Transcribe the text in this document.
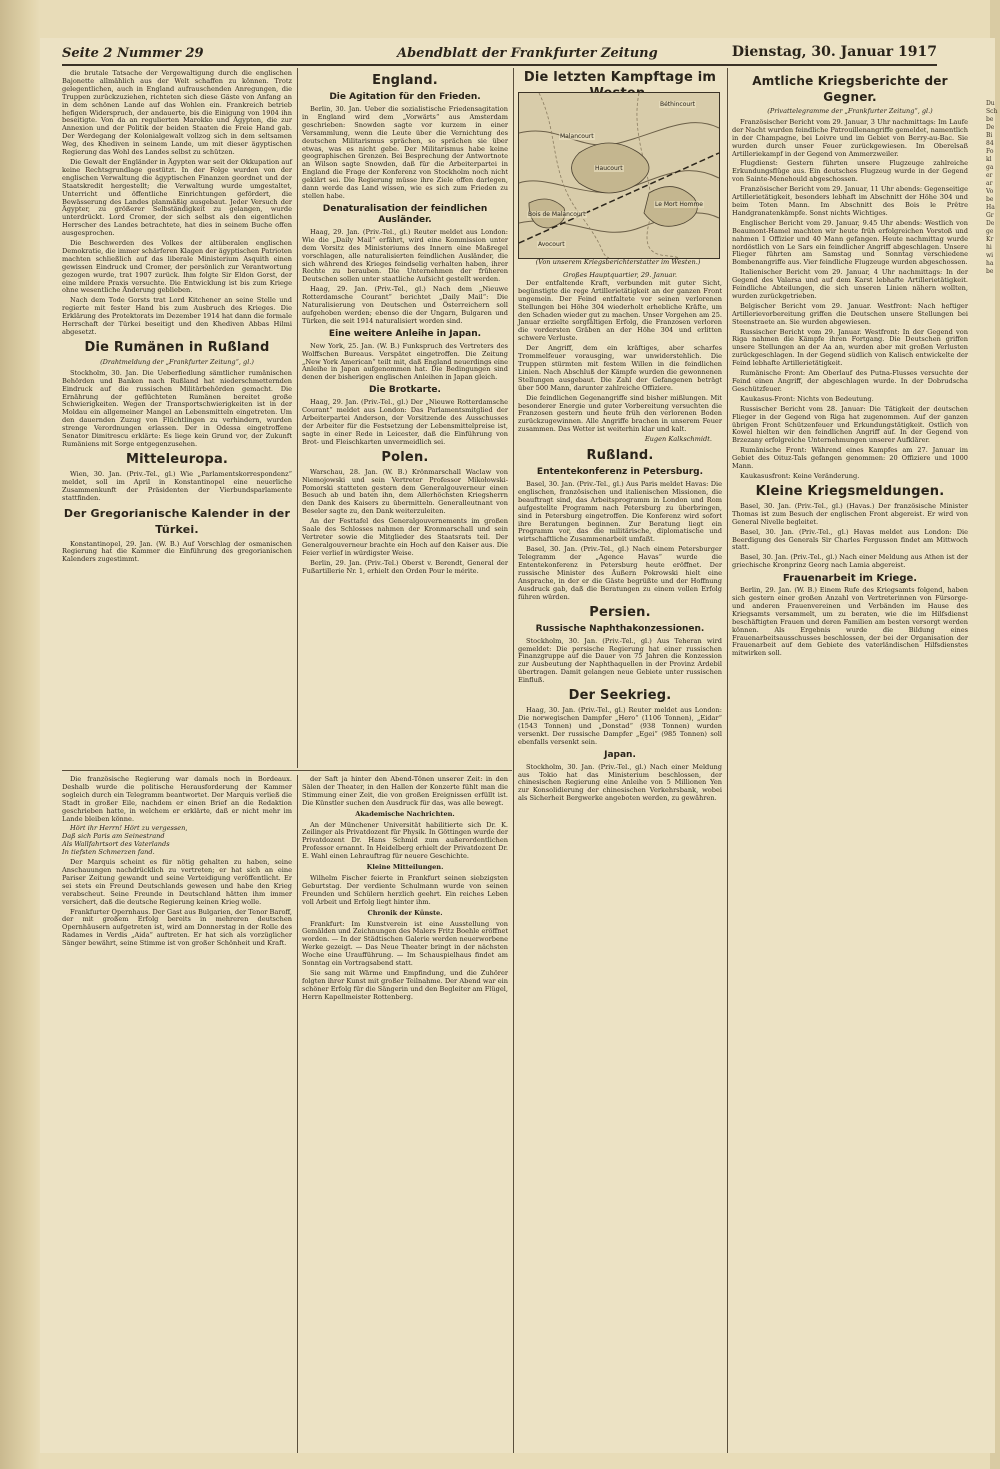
Seite 2 Nummer 29	Abendblatt der Frankfurter Zeitung	Dienstag, 30. Januar 1917

die brutale Tatsache der Vergewaltigung durch die englischen Bajonette allmählich aus der Welt schaffen zu können. Trotz gelegentlichen, auch in England aufrauschenden Anregungen, die Truppen zurückzuziehen, richteten sich diese Gäste von Anfang an in dem schönen Lande auf das Wohlen ein. Frankreich betrieb hefigen Widerspruch, der andauerte, bis die Einigung von 1904 ihn beseitigte. Von da an regulierten Marokko und Ägypten, die zur Annexion und der Politik der beiden Staaten die Freie Hand gab. Der Werdegang der Kolonialgewalt vollzog sich in dem seltsamen Weg, des Khediven in seinem Lande, um mit dieser ägyptischen Regierung das Wohl des Landes selbst zu schützen.

Die Gewalt der Engländer in Ägypten war seit der Okkupation auf keine Rechtsgrundlage gestützt. In der Folge wurden von der englischen Verwaltung die ägyptischen Finanzen geordnet und der Staatskredit hergestellt; die Verwaltung wurde umgestaltet, Unterricht und öffentliche Einrichtungen gefördert, die Bewässerung des Landes planmäßig ausgebaut. Jeder Versuch der Ägypter, zu größerer Selbständigkeit zu gelangen, wurde unterdrückt. Lord Cromer, der sich selbst als den eigentlichen Herrscher des Landes betrachtete, hat dies in seinem Buche offen ausgesprochen.

Die Beschwerden des Volkes der altüberalen englischen Demokratie, die immer schärferen Klagen der ägyptischen Patrioten machten schließlich auf das liberale Ministerium Asquith einen gewissen Eindruck und Cromer, der persönlich zur Verantwortung gezogen wurde, trat 1907 zurück. Ihm folgte Sir Eldon Gorst, der eine mildere Praxis versuchte. Die Entwicklung ist bis zum Kriege ohne wesentliche Änderung geblieben.

Nach dem Tode Gorsts trat Lord Kitchener an seine Stelle und regierte mit fester Hand bis zum Ausbruch des Krieges. Die Erklärung des Protektorats im Dezember 1914 hat dann die formale Herrschaft der Türkei beseitigt und den Khediven Abbas Hilmi abgesetzt.

Die Rumänen in Rußland
(Drahtmeldung der „Frankfurter Zeitung“, gl.)

Stockholm, 30. Jan. Die Ueberfiedlung sämtlicher rumänischen Behörden und Banken nach Rußland hat niederschmetternden Eindruck auf die russischen Militärbehörden gemacht. Die Ernährung der geflüchteten Rumänen bereitet große Schwierigkeiten. Wegen der Transportschwierigkeiten ist in der Moldau ein allgemeiner Mangel an Lebensmitteln eingetreten. Um den dauernden Zuzug von Flüchtlingen zu verhindern, wurden strenge Verordnungen erlassen. Der in Odessa eingetroffene Senator Dimitrescu erklärte: Es liege kein Grund vor, der Zukunft Rumäniens mit Sorge entgegenzusehen.

Mitteleuropa.

Wien, 30. Jan. (Priv.-Tel., gl.) Wie „Parlamentskorrespondenz“ meldet, soll im April in Konstantinopel eine neuerliche Zusammenkunft der Präsidenten der Vierbundsparlamente stattfinden.

Der Gregorianische Kalender in der Türkei.

Konstantinopel, 29. Jan. (W. B.) Auf Vorschlag der osmanischen Regierung hat die Kammer die Einführung des gregorianischen Kalenders zugestimmt.

England.
Die Agitation für den Frieden.

Berlin, 30. Jan. Ueber die sozialistische Friedensagitation in England wird dem „Vorwärts“ aus Amsterdam geschrieben: Snowden sagte vor kurzem in einer Versammlung, wenn die Leute über die Vernichtung des deutschen Militarismus sprächen, so sprächen sie über etwas, was es nicht gebe. Der Militarismus habe keine geographischen Grenzen. Bei Besprechung der Antwortnote an Wilson sagte Snowden, daß für die Arbeiterpartei in England die Frage der Konferenz von Stockholm noch nicht geklärt sei. Die Regierung müsse ihre Ziele offen darlegen, dann werde das Land wissen, wie es sich zum Frieden zu stellen habe.

Denaturalisation der feindlichen Ausländer.

Haag, 29. Jan. (Priv.-Tel., gl.) Reuter meldet aus London: Wie die „Daily Mail“ erfährt, wird eine Kommission unter dem Vorsitz des Ministeriums des Innern eine Maßregel vorschlagen, alle naturalisierten feindlichen Ausländer, die sich während des Krieges feindselig verhalten haben, ihrer Rechte zu berauben. Die Unternehmen der früheren Deutschen sollen unter staatliche Aufsicht gestellt werden.

Haag, 29. Jan. (Priv.-Tel., gl.) Nach dem „Nieuwe Rotterdamsche Courant“ berichtet „Daily Mail“: Die Naturalisierung von Deutschen und Österreichern soll aufgehoben werden; ebenso die der Ungarn, Bulgaren und Türken, die seit 1914 naturalisiert worden sind.

Eine weitere Anleihe in Japan.

New York, 25. Jan. (W. B.) Funkspruch des Vertreters des Wolffschen Bureaus. Verspätet eingetroffen. Die Zeitung „New York American“ teilt mit, daß England neuerdings eine Anleihe in Japan aufgenommen hat. Die Bedingungen sind denen der bisherigen englischen Anleihen in Japan gleich.

Die Brotkarte.

Haag, 29. Jan. (Priv.-Tel., gl.) Der „Nieuwe Rotterdamsche Courant“ meldet aus London: Das Parlamentsmitglied der Arbeiterpartei Anderson, der Vorsitzende des Ausschusses der Arbeiter für die Festsetzung der Lebensmittelpreise ist, sagte in einer Rede in Leicester, daß die Einführung von Brot- und Fleischkarten unvermeidlich sei.

Polen.

Warschau, 28. Jan. (W. B.) Krönmarschall Waclaw von Niemojowski und sein Vertreter Professor Mikołowski-Pomorski statteten gestern dem Generalgouverneur einen Besuch ab und baten ihn, dem Allerhöchsten Kriegsherrn den Dank des Kaisers zu übermitteln. Generalleutnant von Beseler sagte zu, den Dank weiterzuleiten.

An der Festtafel des Generalgouvernements im großen Saale des Schlosses nahmen der Kronmarschall und sein Vertreter sowie die Mitglieder des Staatsrats teil. Der Generalgouverneur brachte ein Hoch auf den Kaiser aus. Die Feier verlief in würdigster Weise.

Berlin, 29. Jan. (Priv.-Tel.) Oberst v. Berendt, General der Fußartillerie Nr. 1, erhielt den Orden Pour le mérite.

Die letzten Kampftage im
Béthincourt
Malancourt
Haucourt
Le Mort Homme
Avocourt
Bois de Malancourt
(Von unserem Kriegsberichterstatter im Westen.)
Großes Hauptquartier, 29. Januar.

Der entfaltende Kraft, verbunden mit guter Sicht, begünstigte die rege Artillerietätigkeit an der ganzen Front ungemein. Der Feind entfaltete vor seinen verlorenen Stellungen bei Höhe 304 wiederholt erhebliche Kräfte, um den Schaden wieder gut zu machen. Unser Vorgehen am 25. Januar erzielte sorgfältigen Erfolg, die Franzosen verloren die vordersten Gräben an der Höhe 304 und erlitten schwere Verluste.

Der Angriff, dem ein kräftiges, aber scharfes Trommelfeuer vorausging, war unwiderstehlich. Die Truppen stürmten mit festem Willen in die feindlichen Linien. Nach Abschluß der Kämpfe wurden die gewonnenen Stellungen ausgebaut. Die Zahl der Gefangenen beträgt über 500 Mann, darunter zahlreiche Offiziere.

Die feindlichen Gegenangriffe sind bisher mißlungen. Mit besonderer Energie und guter Vorbereitung versuchten die Franzosen gestern und heute früh den verlorenen Boden zurückzugewinnen. Alle Angriffe brachen in unserem Feuer zusammen. Das Wetter ist weiterhin klar und kalt.

Eugen Kalkschmidt.
Rußland.
Ententekonferenz in Petersburg.

Basel, 30. Jan. (Priv.-Tel., gl.) Aus Paris meldet Havas: Die englischen, französischen und italienischen Missionen, die beauftragt sind, das Arbeitsprogramm in London und Rom aufgestellte Programm nach Petersburg zu überbringen, sind in Petersburg eingetroffen. Die Konferenz wird sofort ihre Beratungen beginnen. Zur Beratung liegt ein Programm vor, das die militärische, diplomatische und wirtschaftliche Zusammenarbeit umfaßt.

Basel, 30. Jan. (Priv.-Tel., gl.) Nach einem Petersburger Telegramm der „Agence Havas“ wurde die Ententekonferenz in Petersburg heute eröffnet. Der russische Minister des Äußern Pokrowski hielt eine Ansprache, in der er die Gäste begrüßte und der Hoffnung Ausdruck gab, daß die Beratungen zu einem vollen Erfolg führen würden.

Persien.
Russische Naphthakonzessionen.

Stockholm, 30. Jan. (Priv.-Tel., gl.) Aus Teheran wird gemeldet: Die persische Regierung hat einer russischen Finanzgruppe auf die Dauer von 75 Jahren die Konzession zur Ausbeutung der Naphthaquellen in der Provinz Ardebil übertragen. Damit gelangen neue Gebiete unter russischen Einfluß.

Der Seekrieg.

Haag, 30. Jan. (Priv.-Tel., gl.) Reuter meldet aus London: Die norwegischen Dampfer „Hero“ (1106 Tonnen), „Eidar“ (1543 Tonnen) und „Donstad“ (938 Tonnen) wurden versenkt. Der russische Dampfer „Egei“ (985 Tonnen) soll ebenfalls versenkt sein.

Japan.

Stockholm, 30. Jan. (Priv.-Tel., gl.) Nach einer Meldung aus Tokio hat das Ministerium beschlossen, der chinesischen Regierung eine Anleihe von 5 Millionen Yen zur Konsolidierung der chinesischen Verkehrsbank, wobei als Sicherheit Bergwerke angeboten werden, zu gewähren.

Amtliche Kriegsberichte der Gegner.
(Privattelegramme der „Frankfurter Zeitung“, gl.)

Französischer Bericht vom 29. Januar, 3 Uhr nachmittags: Im Laufe der Nacht wurden feindliche Patrouillenangriffe gemeldet, namentlich in der Champagne, bei Loivre und im Gebiet von Berry-au-Bac. Sie wurden durch unser Feuer zurückgewiesen. Im Oberelsaß Artilleriekampf in der Gegend von Ammerzweiler.

Flugdienst: Gestern führten unsere Flugzeuge zahlreiche Erkundungsflüge aus. Ein deutsches Flugzeug wurde in der Gegend von Sainte-Menehould abgeschossen.

Französischer Bericht vom 29. Januar, 11 Uhr abends: Gegenseitige Artillerietätigkeit, besonders lebhaft im Abschnitt der Höhe 304 und beim Toten Mann. Im Abschnitt des Bois le Prêtre Handgranatenkämpfe. Sonst nichts Wichtiges.

Englischer Bericht vom 29. Januar, 9.45 Uhr abends: Westlich von Beaumont-Hamel machten wir heute früh erfolgreichen Vorstoß und nahmen 1 Offizier und 40 Mann gefangen. Heute nachmittag wurde nordöstlich von Le Sars ein feindlicher Angriff abgeschlagen. Unsere Flieger führten am Samstag und Sonntag verschiedene Bombenangriffe aus. Vier feindliche Flugzeuge wurden abgeschossen.

Italienischer Bericht vom 29. Januar, 4 Uhr nachmittags: In der Gegend des Valarsa und auf dem Karst lebhafte Artillerietätigkeit. Feindliche Abteilungen, die sich unseren Linien nähern wollten, wurden zurückgetrieben.

Belgischer Bericht vom 29. Januar. Westfront: Nach heftiger Artillerievorbereitung griffen die Deutschen unsere Stellungen bei Steenstraete an. Sie wurden abgewiesen.

Russischer Bericht vom 29. Januar. Westfront: In der Gegend von Riga nahmen die Kämpfe ihren Fortgang. Die Deutschen griffen unsere Stellungen an der Aa an, wurden aber mit großen Verlusten zurückgeschlagen. In der Gegend südlich von Kalisch entwickelte der Feind lebhafte Artillerietätigkeit.

Rumänische Front: Am Oberlauf des Putna-Flusses versuchte der Feind einen Angriff, der abgeschlagen wurde. In der Dobrudscha Geschützfeuer.

Kaukasus-Front: Nichts von Bedeutung.

Russischer Bericht vom 28. Januar: Die Tätigkeit der deutschen Flieger in der Gegend von Riga hat zugenommen. Auf der ganzen übrigen Front Schützenfeuer und Erkundungstätigkeit. Ostlich von Kowel hielten wir den feindlichen Angriff auf. In der Gegend von Brzezany erfolgreiche Unternehmungen unserer Aufklärer.

Rumänische Front: Während eines Kampfes am 27. Januar im Gebiet des Oituz-Tals gefangen genommen: 20 Offiziere und 1000 Mann.

Kaukasusfront: Keine Veränderung.

Kleine Kriegsmeldungen.

Basel, 30. Jan. (Priv.-Tel., gl.) (Havas.) Der französische Minister Thomas ist zum Besuch der englischen Front abgereist. Er wird von General Nivelle begleitet.

Basel, 30. Jan. (Priv.-Tel., gl.) Havas meldet aus London: Die Beerdigung des Generals Sir Charles Fergusson findet am Mittwoch statt.

Basel, 30. Jan. (Priv.-Tel., gl.) Nach einer Meldung aus Athen ist der griechische Kronprinz Georg nach Lamia abgereist.

Frauenarbeit im Kriege.

Berlin, 29. Jan. (W. B.) Einem Rufe des Kriegsamts folgend, haben sich gestern einer großen Anzahl von Vertreterinnen von Fürsorge- und anderen Frauenvereinen und Verbänden im Hause des Kriegsamts versammelt, um zu beraten, wie die im Hilfsdienst beschäftigten Frauen und deren Familien am besten versorgt werden können. Als Ergebnis wurde die Bildung eines Frauenarbeitsausschusses beschlossen, der bei der Organisation der Frauenarbeit auf dem Gebiete des vaterländischen Hilfsdienstes mitwirken soll.

Die französische Regierung war damals noch in Bordeaux. Deshalb wurde die politische Herausforderung der Kammer sogleich durch ein Telegramm beantwortet. Der Marquis verließ die Stadt in großer Eile, nachdem er einen Brief an die Redaktion geschrieben hatte, in welchem er erklärte, daß er nicht mehr im Lande bleiben könne.

Hört ihr Herrn! Hört zu vergessen,
Daß sich Paris am Seinestrand
Als Wallfahrtsort des Vaterlands
In tiefsten Schmerzen fand.

Der Marquis scheint es für nötig gehalten zu haben, seine Anschauungen nachdrücklich zu vertreten; er hat sich an eine Pariser Zeitung gewandt und seine Verteidigung veröffentlicht. Er sei stets ein Freund Deutschlands gewesen und habe den Krieg verabscheut. Seine Freunde in Deutschland hätten ihm immer versichert, daß die deutsche Regierung keinen Krieg wolle.

Frankfurter Opernhaus. Der Gast aus Bulgarien, der Tenor Baroff, der mit großem Erfolg bereits in mehreren deutschen Opernhäusern aufgetreten ist, wird am Donnerstag in der Rolle des Radames in Verdis „Aida“ auftreten. Er hat sich als vorzüglicher Sänger bewährt, seine Stimme ist von großer Schönheit und Kraft.

der Saft ja hinter den Abend-Tönen unserer Zeit: in den Sälen der Theater, in den Hallen der Konzerte fühlt man die Stimmung einer Zeit, die von großen Ereignissen erfüllt ist. Die Künstler suchen den Ausdruck für das, was alle bewegt.

Akademische Nachrichten.

An der Münchener Universität habilitierte sich Dr. K. Zeilinger als Privatdozent für Physik. In Göttingen wurde der Privatdozent Dr. Hans Schmid zum außerordentlichen Professor ernannt. In Heidelberg erhielt der Privatdozent Dr. E. Wahl einen Lehrauftrag für neuere Geschichte.

Kleine Mitteilungen.

Wilhelm Fischer feierte in Frankfurt seinen siebzigsten Geburtstag. Der verdiente Schulmann wurde von seinen Freunden und Schülern herzlich geehrt. Ein reiches Leben voll Arbeit und Erfolg liegt hinter ihm.

Chronik der Künste.

Frankfurt: Im Kunstverein ist eine Ausstellung von Gemälden und Zeichnungen des Malers Fritz Boehle eröffnet worden. — In der Städtischen Galerie werden neuerworbene Werke gezeigt. — Das Neue Theater bringt in der nächsten Woche eine Uraufführung. — Im Schauspielhaus findet am Sonntag ein Vortragsabend statt.

Sie sang mit Wärme und Empfindung, und die Zuhörer folgten ihrer Kunst mit großer Teilnahme. Der Abend war ein schöner Erfolg für die Sängerin und den Begleiter am Flügel, Herrn Kapellmeister Rottenberg.

Du Sch be De Bi 84 Fo kl ga er ar Vo be Ha Gr De ge Kr hi wi ha be
